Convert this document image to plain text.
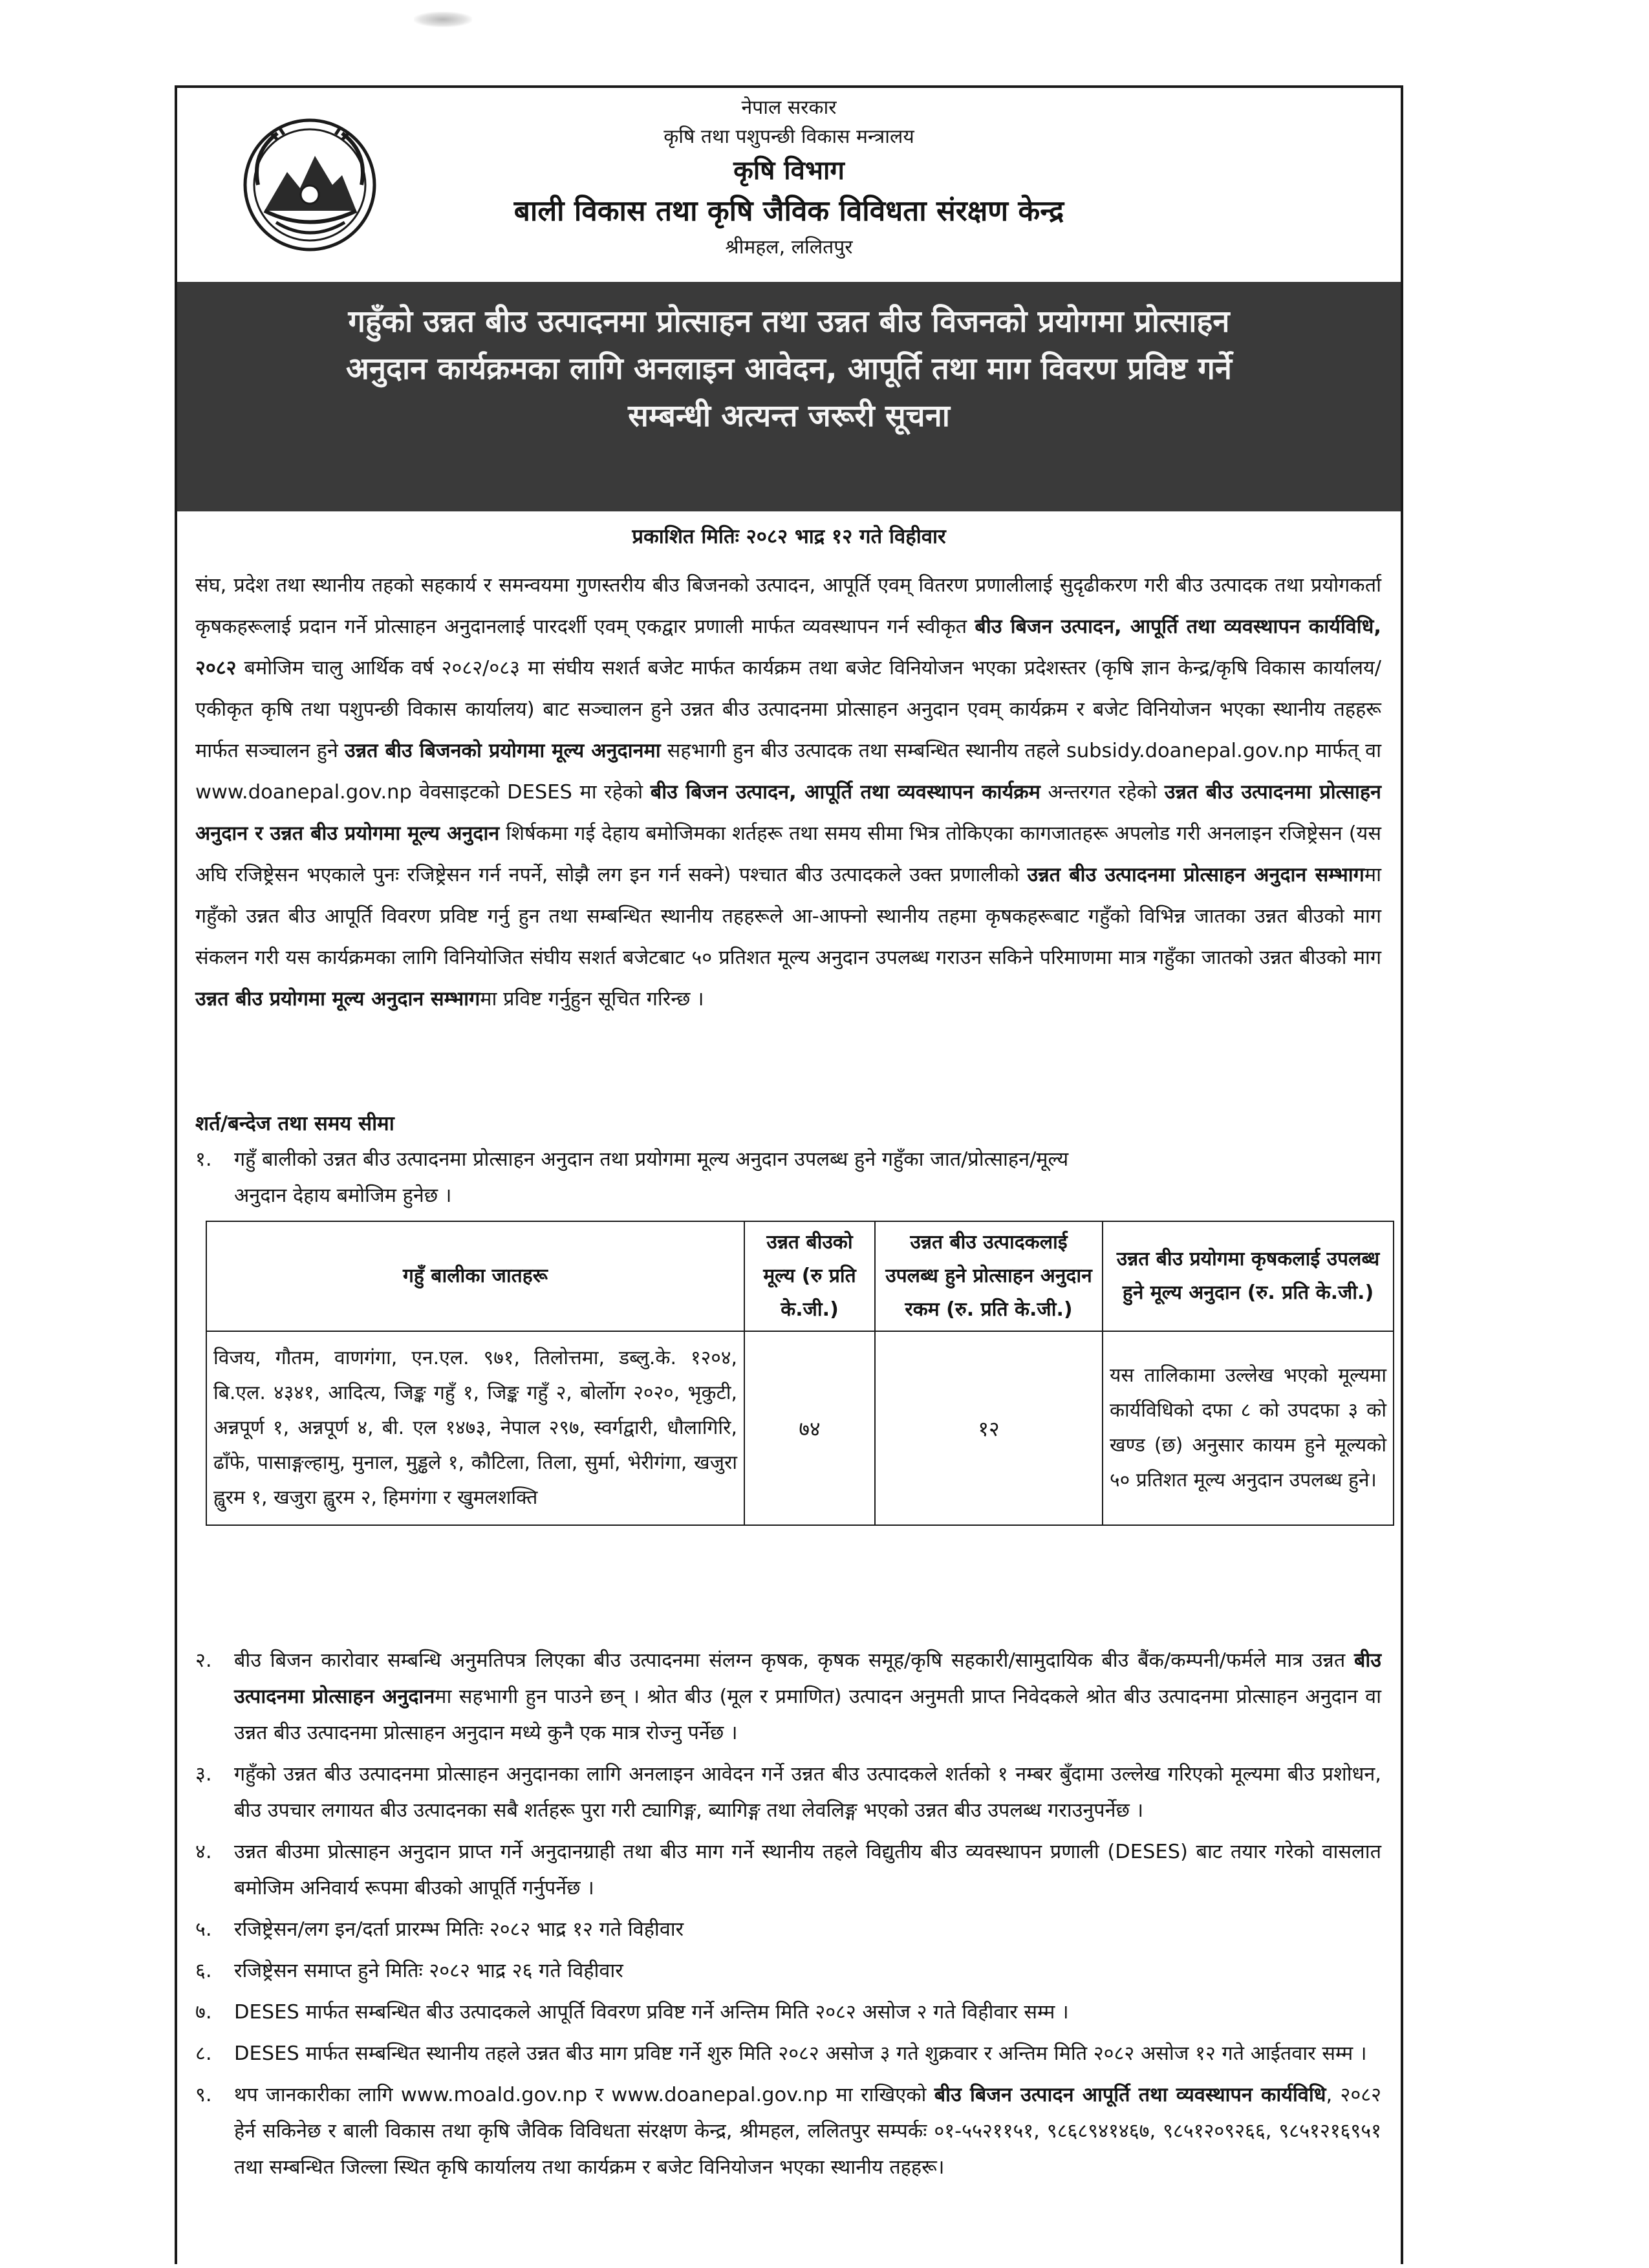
नेपाल सरकार
कृषि तथा पशुपन्छी विकास मन्त्रालय
कृषि विभाग
बाली विकास तथा कृषि जैविक विविधता संरक्षण केन्द्र
श्रीमहल, ललितपुर
गहुँको उन्नत बीउ उत्पादनमा प्रोत्साहन तथा उन्नत बीउ विजनको प्रयोगमा प्रोत्साहन
अनुदान कार्यक्रमका लागि अनलाइन आवेदन, आपूर्ति तथा माग विवरण प्रविष्ट गर्ने
सम्बन्धी अत्यन्त जरूरी सूचना
प्रकाशित मितिः २०८२ भाद्र १२ गते विहीवार
संघ, प्रदेश तथा स्थानीय तहको सहकार्य र समन्वयमा गुणस्तरीय बीउ बिजनको उत्पादन, आपूर्ति एवम् वितरण प्रणालीलाई सुदृढीकरण गरी बीउ उत्पादक तथा प्रयोगकर्ता कृषकहरूलाई प्रदान गर्ने प्रोत्साहन अनुदानलाई पारदर्शी एवम् एकद्वार प्रणाली मार्फत व्यवस्थापन गर्न स्वीकृत बीउ बिजन उत्पादन, आपूर्ति तथा व्यवस्थापन कार्यविधि, २०८२ बमोजिम चालु आर्थिक वर्ष २०८२/०८३ मा संघीय सशर्त बजेट मार्फत कार्यक्रम तथा बजेट विनियोजन भएका प्रदेशस्तर (कृषि ज्ञान केन्द्र/कृषि विकास कार्यालय/एकीकृत कृषि तथा पशुपन्छी विकास कार्यालय) बाट सञ्चालन हुने उन्नत बीउ उत्पादनमा प्रोत्साहन अनुदान एवम् कार्यक्रम र बजेट विनियोजन भएका स्थानीय तहहरू मार्फत सञ्चालन हुने उन्नत बीउ बिजनको प्रयोगमा मूल्य अनुदानमा सहभागी हुन बीउ उत्पादक तथा सम्बन्धित स्थानीय तहले subsidy.doanepal.gov.np मार्फत् वा www.doanepal.gov.np वेवसाइटको DESES मा रहेको बीउ बिजन उत्पादन, आपूर्ति तथा व्यवस्थापन कार्यक्रम अन्तरगत रहेको उन्नत बीउ उत्पादनमा प्रोत्साहन अनुदान र उन्नत बीउ प्रयोगमा मूल्य अनुदान शिर्षकमा गई देहाय बमोजिमका शर्तहरू तथा समय सीमा भित्र तोकिएका कागजातहरू अपलोड गरी अनलाइन रजिष्ट्रेसन (यस अघि रजिष्ट्रेसन भएकाले पुनः रजिष्ट्रेसन गर्न नपर्ने, सोझै लग इन गर्न सक्ने) पश्चात बीउ उत्पादकले उक्त प्रणालीको उन्नत बीउ उत्पादनमा प्रोत्साहन अनुदान सम्भागमा गहुँको उन्नत बीउ आपूर्ति विवरण प्रविष्ट गर्नु हुन तथा सम्बन्धित स्थानीय तहहरूले आ-आफ्नो स्थानीय तहमा कृषकहरूबाट गहुँको विभिन्न जातका उन्नत बीउको माग संकलन गरी यस कार्यक्रमका लागि विनियोजित संघीय सशर्त बजेटबाट ५० प्रतिशत मूल्य अनुदान उपलब्ध गराउन सकिने परिमाणमा मात्र गहुँका जातको उन्नत बीउको माग उन्नत बीउ प्रयोगमा मूल्य अनुदान सम्भागमा प्रविष्ट गर्नुहुन सूचित गरिन्छ ।
शर्त/बन्देज तथा समय सीमा
१. गहुँ बालीको उन्नत बीउ उत्पादनमा प्रोत्साहन अनुदान तथा प्रयोगमा मूल्य अनुदान उपलब्ध हुने गहुँका जात/प्रोत्साहन/मूल्य
अनुदान देहाय बमोजिम हुनेछ ।
गहुँ बालीका जातहरू	उन्नत बीउको मूल्य (रु प्रति के.जी.)	उन्नत बीउ उत्पादकलाई उपलब्ध हुने प्रोत्साहन अनुदान रकम (रु. प्रति के.जी.)	उन्नत बीउ प्रयोगमा कृषकलाई उपलब्ध हुने मूल्य अनुदान (रु. प्रति के.जी.)
विजय, गौतम, वाणगंगा, एन.एल. ९७१, तिलोत्तमा, डब्लु.के. १२०४, बि.एल. ४३४१, आदित्य, जिङ्क गहुँ १, जिङ्क गहुँ २, बोर्लोग २०२०, भृकुटी, अन्नपूर्ण १, अन्नपूर्ण ४, बी. एल १४७३, नेपाल २९७, स्वर्गद्वारी, धौलागिरि, ढाँफे, पासाङ्गल्हामु, मुनाल, मुड्ढले १, कौटिला, तिला, सुर्मा, भेरीगंगा, खजुरा ह्वुरम १, खजुरा ह्वुरम २, हिमगंगा र खुमलशक्ति	७४	१२	यस तालिकामा उल्लेख भएको मूल्यमा कार्यविधिको दफा ८ को उपदफा ३ को खण्ड (छ) अनुसार कायम हुने मूल्यको ५० प्रतिशत मूल्य अनुदान उपलब्ध हुने।
२.	बीउ बिजन कारोवार सम्बन्धि अनुमतिपत्र लिएका बीउ उत्पादनमा संलग्न कृषक, कृषक समूह/कृषि सहकारी/सामुदायिक बीउ बैंक/कम्पनी/फर्मले मात्र उन्नत बीउ उत्पादनमा प्रोत्साहन अनुदानमा सहभागी हुन पाउने छन् । श्रोत बीउ (मूल र प्रमाणित) उत्पादन अनुमती प्राप्त निवेदकले श्रोत बीउ उत्पादनमा प्रोत्साहन अनुदान वा उन्नत बीउ उत्पादनमा प्रोत्साहन अनुदान मध्ये कुनै एक मात्र रोज्नु पर्नेछ ।
३.	गहुँको उन्नत बीउ उत्पादनमा प्रोत्साहन अनुदानका लागि अनलाइन आवेदन गर्ने उन्नत बीउ उत्पादकले शर्तको १ नम्बर बुँदामा उल्लेख गरिएको मूल्यमा बीउ प्रशोधन, बीउ उपचार लगायत बीउ उत्पादनका सबै शर्तहरू पुरा गरी ट्यागिङ्ग, ब्यागिङ्ग तथा लेवलिङ्ग भएको उन्नत बीउ उपलब्ध गराउनुपर्नेछ ।
४.	उन्नत बीउमा प्रोत्साहन अनुदान प्राप्त गर्ने अनुदानग्राही तथा बीउ माग गर्ने स्थानीय तहले विद्युतीय बीउ व्यवस्थापन प्रणाली (DESES) बाट तयार गरेको वासलात बमोजिम अनिवार्य रूपमा बीउको आपूर्ति गर्नुपर्नेछ ।
५.	रजिष्ट्रेसन/लग इन/दर्ता प्रारम्भ मितिः २०८२ भाद्र १२ गते विहीवार
६.	रजिष्ट्रेसन समाप्त हुने मितिः २०८२ भाद्र २६ गते विहीवार
७.	DESES मार्फत सम्बन्धित बीउ उत्पादकले आपूर्ति विवरण प्रविष्ट गर्ने अन्तिम मिति २०८२ असोज २ गते विहीवार सम्म ।
८.	DESES मार्फत सम्बन्धित स्थानीय तहले उन्नत बीउ माग प्रविष्ट गर्ने शुरु मिति २०८२ असोज ३ गते शुक्रवार र अन्तिम मिति २०८२ असोज १२ गते आईतवार सम्म ।
९.	थप जानकारीका लागि www.moald.gov.np र www.doanepal.gov.np मा राखिएको बीउ बिजन उत्पादन आपूर्ति तथा व्यवस्थापन कार्यविधि, २०८२ हेर्न सकिनेछ र बाली विकास तथा कृषि जैविक विविधता संरक्षण केन्द्र, श्रीमहल, ललितपुर सम्पर्कः ०१-५५२११५१, ९८६८९४१४६७, ९८५१२०९२६६, ९८५१२१६९५१ तथा सम्बन्धित जिल्ला स्थित कृषि कार्यालय तथा कार्यक्रम र बजेट विनियोजन भएका स्थानीय तहहरू।
